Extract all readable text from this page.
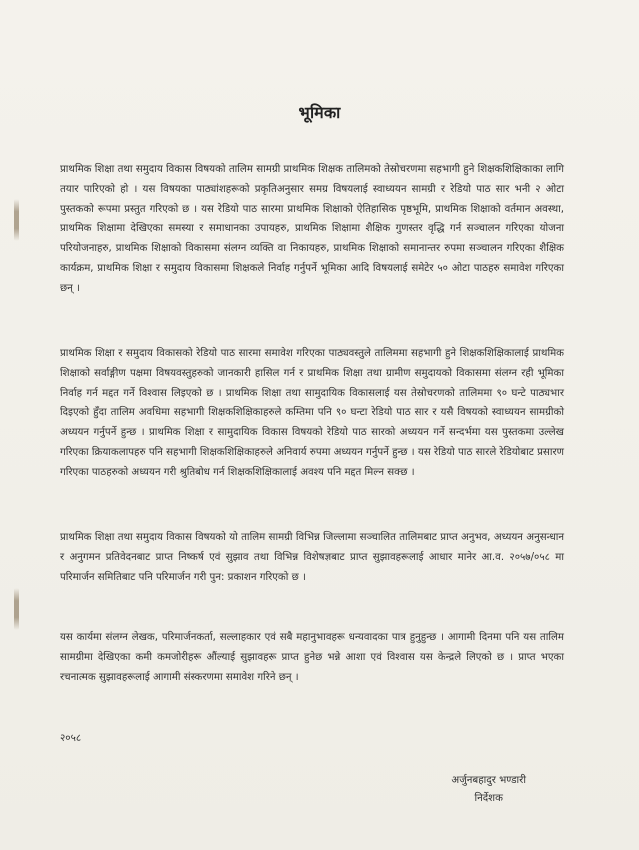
भूमिका

प्राथमिक शिक्षा तथा समुदाय विकास विषयको तालिम सामग्री प्राथमिक शिक्षक तालिमको तेस्रोचरणमा सहभागी हुने शिक्षकशिक्षिकाका लागि तयार पारिएको हो । यस विषयका पाठ्यांशहरूको प्रकृतिअनुसार समग्र विषयलाई स्वाध्ययन सामग्री र रेडियो पाठ सार भनी २ ओटा पुस्तकको रूपमा प्रस्तुत गरिएको छ । यस रेडियो पाठ सारमा प्राथमिक शिक्षाको ऐतिहासिक पृष्ठभूमि, प्राथमिक शिक्षाको वर्तमान अवस्था, प्राथमिक शिक्षामा देखिएका समस्या र समाधानका उपायहरु, प्राथमिक शिक्षामा शैक्षिक गुणस्तर वृद्धि गर्न सञ्चालन गरिएका योजना परियोजनाहरु, प्राथमिक शिक्षाको विकासमा संलग्न व्यक्ति वा निकायहरु, प्राथमिक शिक्षाको समानान्तर रुपमा सञ्चालन गरिएका शैक्षिक कार्यक्रम, प्राथमिक शिक्षा र समुदाय विकासमा शिक्षकले निर्वाह गर्नुपर्ने भूमिका आदि विषयलाई समेटेर ५० ओटा पाठहरु समावेश गरिएका छन् ।

प्राथमिक शिक्षा र समुदाय विकासको रेडियो पाठ सारमा समावेश गरिएका पाठ्यवस्तुले तालिममा सहभागी हुने शिक्षकशिक्षिकालाई प्राथमिक शिक्षाको सर्वाङ्गीण पक्षमा विषयवस्तुहरुको जानकारी हासिल गर्न र प्राथमिक शिक्षा तथा ग्रामीण समुदायको विकासमा संलग्न रही भूमिका निर्वाह गर्न मद्दत गर्ने विश्वास लिइएको छ । प्राथमिक शिक्षा तथा सामुदायिक विकासलाई यस तेस्रोचरणको तालिममा ९० घन्टे पाठ्यभार दिइएको हुँदा तालिम अवधिमा सहभागी शिक्षकशिक्षिकाहरुले कम्तिमा पनि ९० घन्टा रेडियो पाठ सार र यसै विषयको स्वाध्ययन सामग्रीको अध्ययन गर्नुपर्ने हुन्छ । प्राथमिक शिक्षा र सामुदायिक विकास विषयको रेडियो पाठ सारको अध्ययन गर्ने सन्दर्भमा यस पुस्तकमा उल्लेख गरिएका क्रियाकलापहरु पनि सहभागी शिक्षकशिक्षिकाहरुले अनिवार्य रुपमा अध्ययन गर्नुपर्ने हुन्छ । यस रेडियो पाठ सारले रेडियोबाट प्रसारण गरिएका पाठहरुको अध्ययन गरी श्रुतिबोध गर्न शिक्षकशिक्षिकालाई अवश्य पनि मद्दत मिल्न सक्छ ।

प्राथमिक शिक्षा तथा समुदाय विकास विषयको यो तालिम सामग्री विभिन्न जिल्लामा सञ्चालित तालिमबाट प्राप्त अनुभव, अध्ययन अनुसन्धान र अनुगमन प्रतिवेदनबाट प्राप्त निष्कर्ष एवं सुझाव तथा विभिन्न विशेषज्ञबाट प्राप्त सुझावहरूलाई आधार मानेर आ.व. २०५७/०५८ मा परिमार्जन समितिबाट पनि परिमार्जन गरी पुन: प्रकाशन गरिएको छ ।

यस कार्यमा संलग्न लेखक, परिमार्जनकर्ता, सल्लाहकार एवं सबै महानुभावहरू धन्यवादका पात्र हुनुहुन्छ । आगामी दिनमा पनि यस तालिम सामग्रीमा देखिएका कमी कमजोरीहरू औंल्याई सुझावहरू प्राप्त हुनेछ भन्ने आशा एवं विश्वास यस केन्द्रले लिएको छ । प्राप्त भएका रचनात्मक सुझावहरूलाई आगामी संस्करणमा समावेश गरिने छन् ।

२०५८
अर्जुनबहादुर भण्डारी
निर्देशक
